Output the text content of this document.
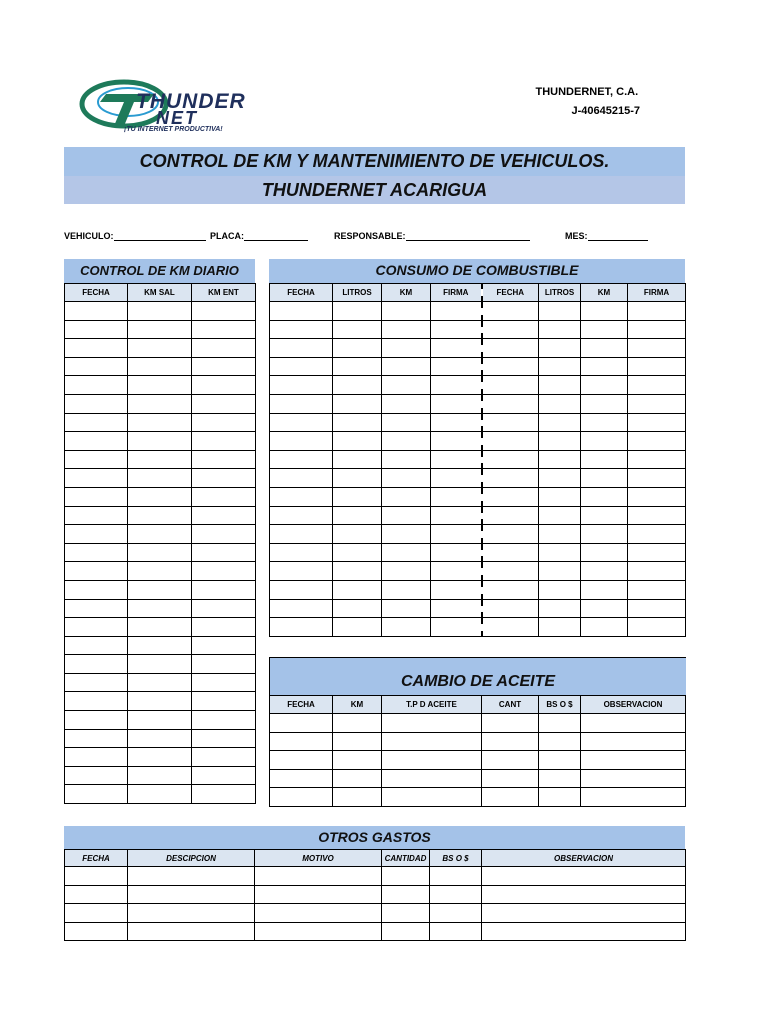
THUNDER
NET
¡TU INTERNET PRODUCTIVA!
THUNDERNET, C.A.
J-40645215-7
CONTROL DE KM Y MANTENIMIENTO DE VEHICULOS.
THUNDERNET ACARIGUA
VEHICULO:	PLACA:	RESPONSABLE:	MES:
CONTROL DE KM DIARIO
FECHA	KM SAL	KM ENT

CONSUMO DE COMBUSTIBLE
FECHA	LITROS	KM	FIRMA	FECHA	LITROS	KM	FIRMA

CAMBIO DE ACEITE
FECHA	KM	T.P D ACEITE	CANT	BS O $	OBSERVACION

OTROS GASTOS
FECHA	DESCIPCION	MOTIVO	CANTIDAD	BS O $	OBSERVACION
